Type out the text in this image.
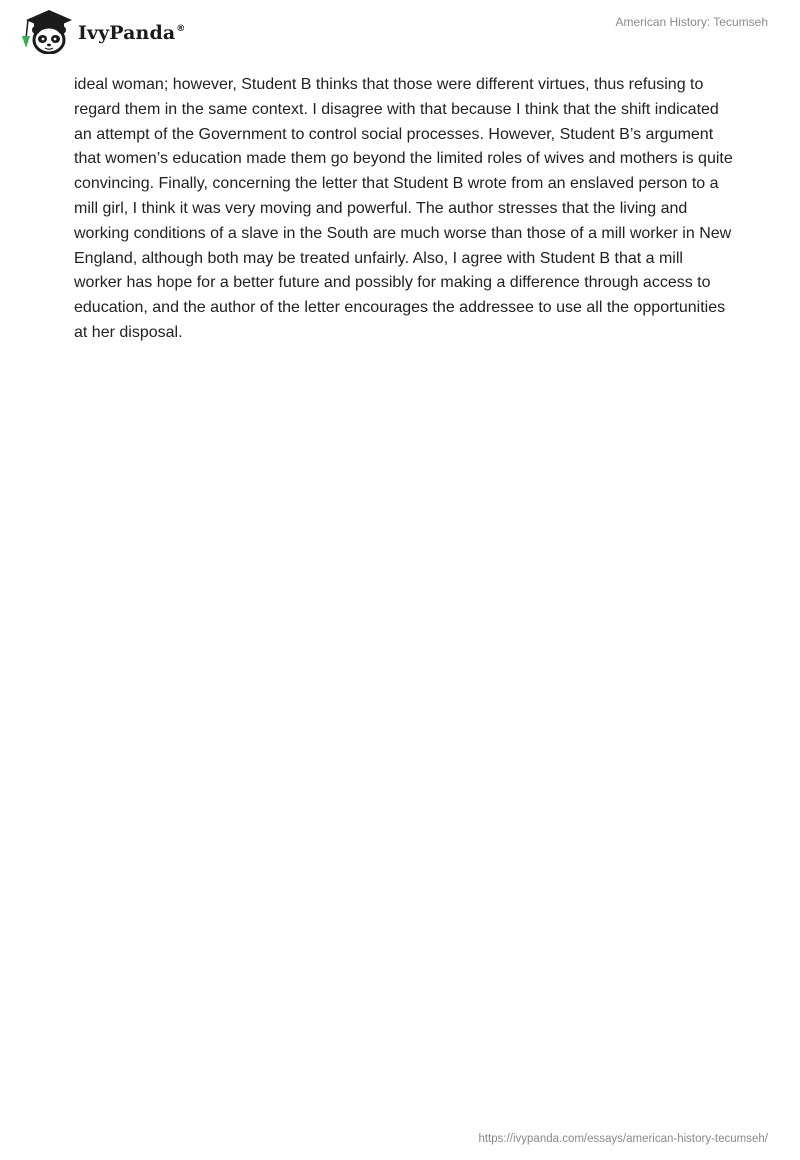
IvyPanda®	American History: Tecumseh

ideal woman; however, Student B thinks that those were different virtues, thus refusing to regard them in the same context. I disagree with that because I think that the shift indicated an attempt of the Government to control social processes. However, Student B’s argument that women’s education made them go beyond the limited roles of wives and mothers is quite convincing. Finally, concerning the letter that Student B wrote from an enslaved person to a mill girl, I think it was very moving and powerful. The author stresses that the living and working conditions of a slave in the South are much worse than those of a mill worker in New England, although both may be treated unfairly. Also, I agree with Student B that a mill worker has hope for a better future and possibly for making a difference through access to education, and the author of the letter encourages the addressee to use all the opportunities at her disposal.

https://ivypanda.com/essays/american-history-tecumseh/
